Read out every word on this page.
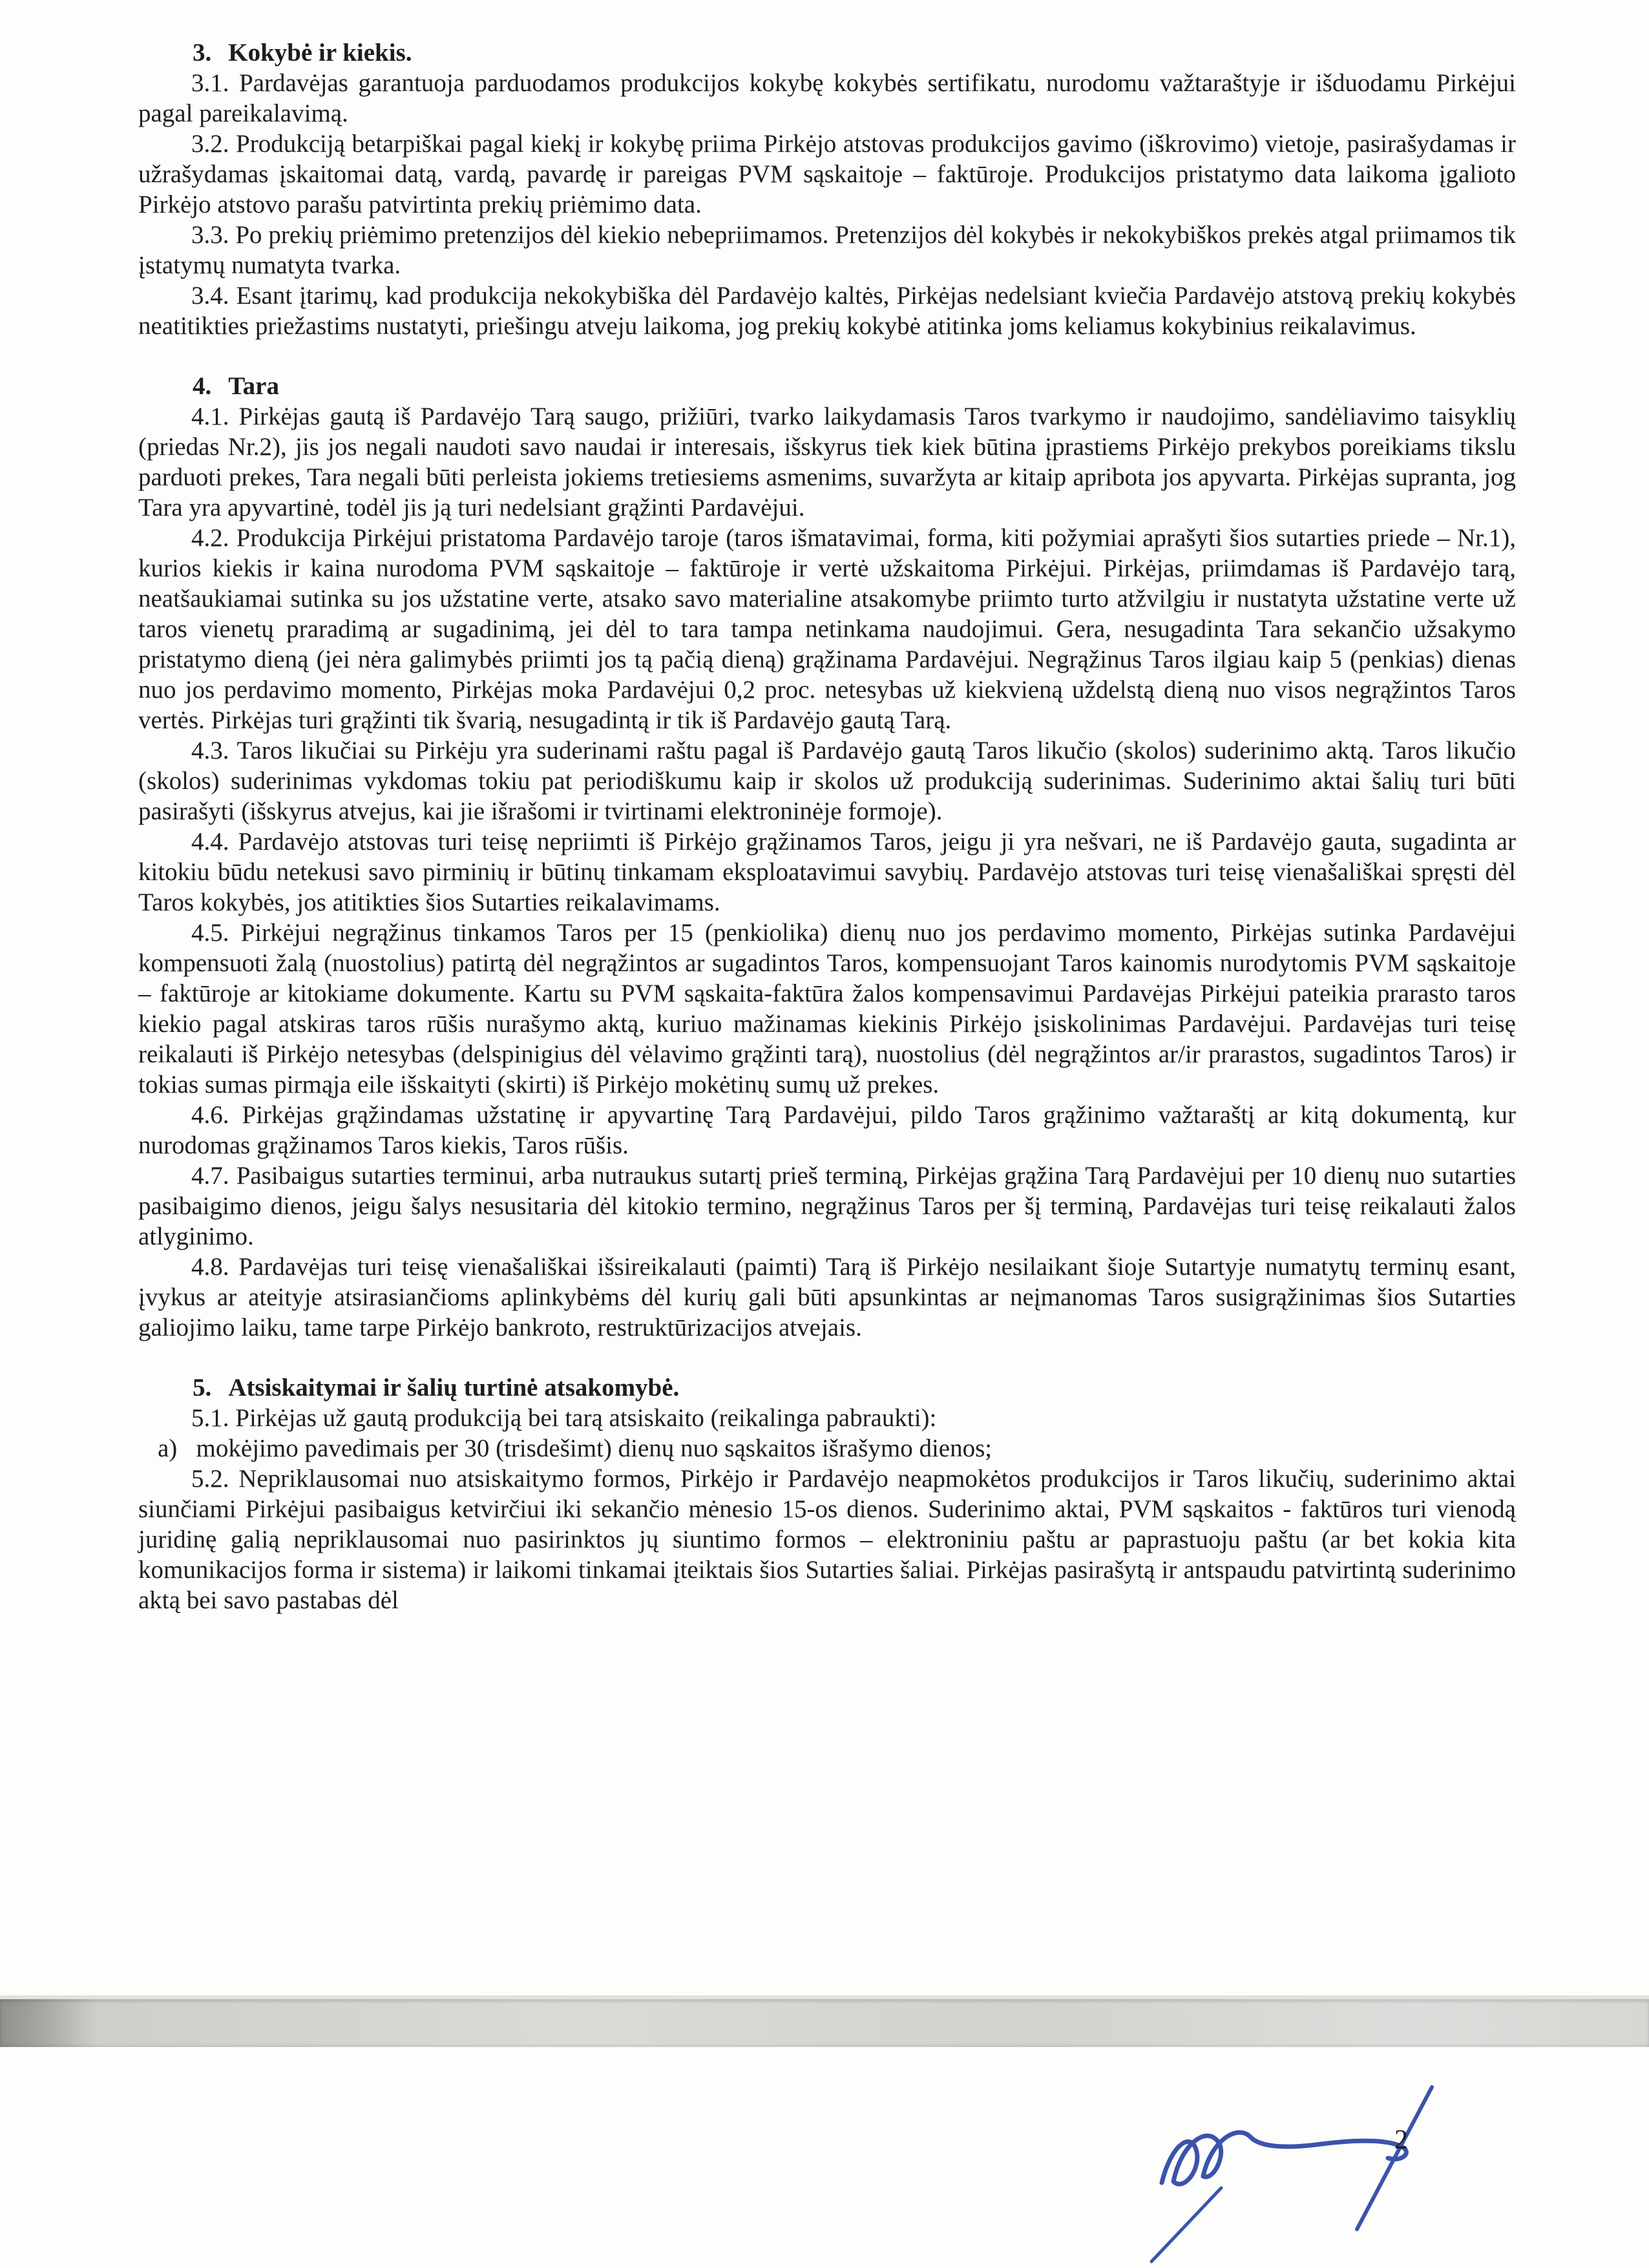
3. Kokybė ir kiekis.

3.1. Pardavėjas garantuoja parduodamos produkcijos kokybę kokybės sertifikatu, nurodomu važtaraštyje ir išduodamu Pirkėjui pagal pareikalavimą.

3.2. Produkciją betarpiškai pagal kiekį ir kokybę priima Pirkėjo atstovas produkcijos gavimo (iškrovimo) vietoje, pasirašydamas ir užrašydamas įskaitomai datą, vardą, pavardę ir pareigas PVM sąskaitoje – faktūroje. Produkcijos pristatymo data laikoma įgalioto Pirkėjo atstovo parašu patvirtinta prekių priėmimo data.

3.3. Po prekių priėmimo pretenzijos dėl kiekio nebepriimamos. Pretenzijos dėl kokybės ir nekokybiškos prekės atgal priimamos tik įstatymų numatyta tvarka.

3.4. Esant įtarimų, kad produkcija nekokybiška dėl Pardavėjo kaltės, Pirkėjas nedelsiant kviečia Pardavėjo atstovą prekių kokybės neatitikties priežastims nustatyti, priešingu atveju laikoma, jog prekių kokybė atitinka joms keliamus kokybinius reikalavimus.

4. Tara

4.1. Pirkėjas gautą iš Pardavėjo Tarą saugo, prižiūri, tvarko laikydamasis Taros tvarkymo ir naudojimo, sandėliavimo taisyklių (priedas Nr.2), jis jos negali naudoti savo naudai ir interesais, išskyrus tiek kiek būtina įprastiems Pirkėjo prekybos poreikiams tikslu parduoti prekes, Tara negali būti perleista jokiems tretiesiems asmenims, suvaržyta ar kitaip apribota jos apyvarta. Pirkėjas supranta, jog Tara yra apyvartinė, todėl jis ją turi nedelsiant grąžinti Pardavėjui.

4.2. Produkcija Pirkėjui pristatoma Pardavėjo taroje (taros išmatavimai, forma, kiti požymiai aprašyti šios sutarties priede – Nr.1), kurios kiekis ir kaina nurodoma PVM sąskaitoje – faktūroje ir vertė užskaitoma Pirkėjui. Pirkėjas, priimdamas iš Pardavėjo tarą, neatšaukiamai sutinka su jos užstatine verte, atsako savo materialine atsakomybe priimto turto atžvilgiu ir nustatyta užstatine verte už taros vienetų praradimą ar sugadinimą, jei dėl to tara tampa netinkama naudojimui. Gera, nesugadinta Tara sekančio užsakymo pristatymo dieną (jei nėra galimybės priimti jos tą pačią dieną) grąžinama Pardavėjui. Negrąžinus Taros ilgiau kaip 5 (penkias) dienas nuo jos perdavimo momento, Pirkėjas moka Pardavėjui 0,2 proc. netesybas už kiekvieną uždelstą dieną nuo visos negrąžintos Taros vertės. Pirkėjas turi grąžinti tik švarią, nesugadintą ir tik iš Pardavėjo gautą Tarą.

4.3. Taros likučiai su Pirkėju yra suderinami raštu pagal iš Pardavėjo gautą Taros likučio (skolos) suderinimo aktą. Taros likučio (skolos) suderinimas vykdomas tokiu pat periodiškumu kaip ir skolos už produkciją suderinimas. Suderinimo aktai šalių turi būti pasirašyti (išskyrus atvejus, kai jie išrašomi ir tvirtinami elektroninėje formoje).

4.4. Pardavėjo atstovas turi teisę nepriimti iš Pirkėjo grąžinamos Taros, jeigu ji yra nešvari, ne iš Pardavėjo gauta, sugadinta ar kitokiu būdu netekusi savo pirminių ir būtinų tinkamam eksploatavimui savybių. Pardavėjo atstovas turi teisę vienašališkai spręsti dėl Taros kokybės, jos atitikties šios Sutarties reikalavimams.

4.5. Pirkėjui negrąžinus tinkamos Taros per 15 (penkiolika) dienų nuo jos perdavimo momento, Pirkėjas sutinka Pardavėjui kompensuoti žalą (nuostolius) patirtą dėl negrąžintos ar sugadintos Taros, kompensuojant Taros kainomis nurodytomis PVM sąskaitoje – faktūroje ar kitokiame dokumente. Kartu su PVM sąskaita-faktūra žalos kompensavimui Pardavėjas Pirkėjui pateikia prarasto taros kiekio pagal atskiras taros rūšis nurašymo aktą, kuriuo mažinamas kiekinis Pirkėjo įsiskolinimas Pardavėjui. Pardavėjas turi teisę reikalauti iš Pirkėjo netesybas (delspinigius dėl vėlavimo grąžinti tarą), nuostolius (dėl negrąžintos ar/ir prarastos, sugadintos Taros) ir tokias sumas pirmąja eile išskaityti (skirti) iš Pirkėjo mokėtinų sumų už prekes.

4.6. Pirkėjas grąžindamas užstatinę ir apyvartinę Tarą Pardavėjui, pildo Taros grąžinimo važtaraštį ar kitą dokumentą, kur nurodomas grąžinamos Taros kiekis, Taros rūšis.

4.7. Pasibaigus sutarties terminui, arba nutraukus sutartį prieš terminą, Pirkėjas grąžina Tarą Pardavėjui per 10 dienų nuo sutarties pasibaigimo dienos, jeigu šalys nesusitaria dėl kitokio termino, negrąžinus Taros per šį terminą, Pardavėjas turi teisę reikalauti žalos atlyginimo.

4.8. Pardavėjas turi teisę vienašališkai išsireikalauti (paimti) Tarą iš Pirkėjo nesilaikant šioje Sutartyje numatytų terminų esant, įvykus ar ateityje atsirasiančioms aplinkybėms dėl kurių gali būti apsunkintas ar neįmanomas Taros susigrąžinimas šios Sutarties galiojimo laiku, tame tarpe Pirkėjo bankroto, restruktūrizacijos atvejais.

5. Atsiskaitymai ir šalių turtinė atsakomybė.

5.1. Pirkėjas už gautą produkciją bei tarą atsiskaito (reikalinga pabraukti):

a)   mokėjimo pavedimais per 30 (trisdešimt) dienų nuo sąskaitos išrašymo dienos;

5.2. Nepriklausomai nuo atsiskaitymo formos, Pirkėjo ir Pardavėjo neapmokėtos produkcijos ir Taros likučių, suderinimo aktai siunčiami Pirkėjui pasibaigus ketvirčiui iki sekančio mėnesio 15-os dienos. Suderinimo aktai, PVM sąskaitos - faktūros turi vienodą juridinę galią nepriklausomai nuo pasirinktos jų siuntimo formos – elektroniniu paštu ar paprastuoju paštu (ar bet kokia kita komunikacijos forma ir sistema) ir laikomi tinkamai įteiktais šios Sutarties šaliai. Pirkėjas pasirašytą ir antspaudu patvirtintą suderinimo aktą bei savo pastabas dėl

2
